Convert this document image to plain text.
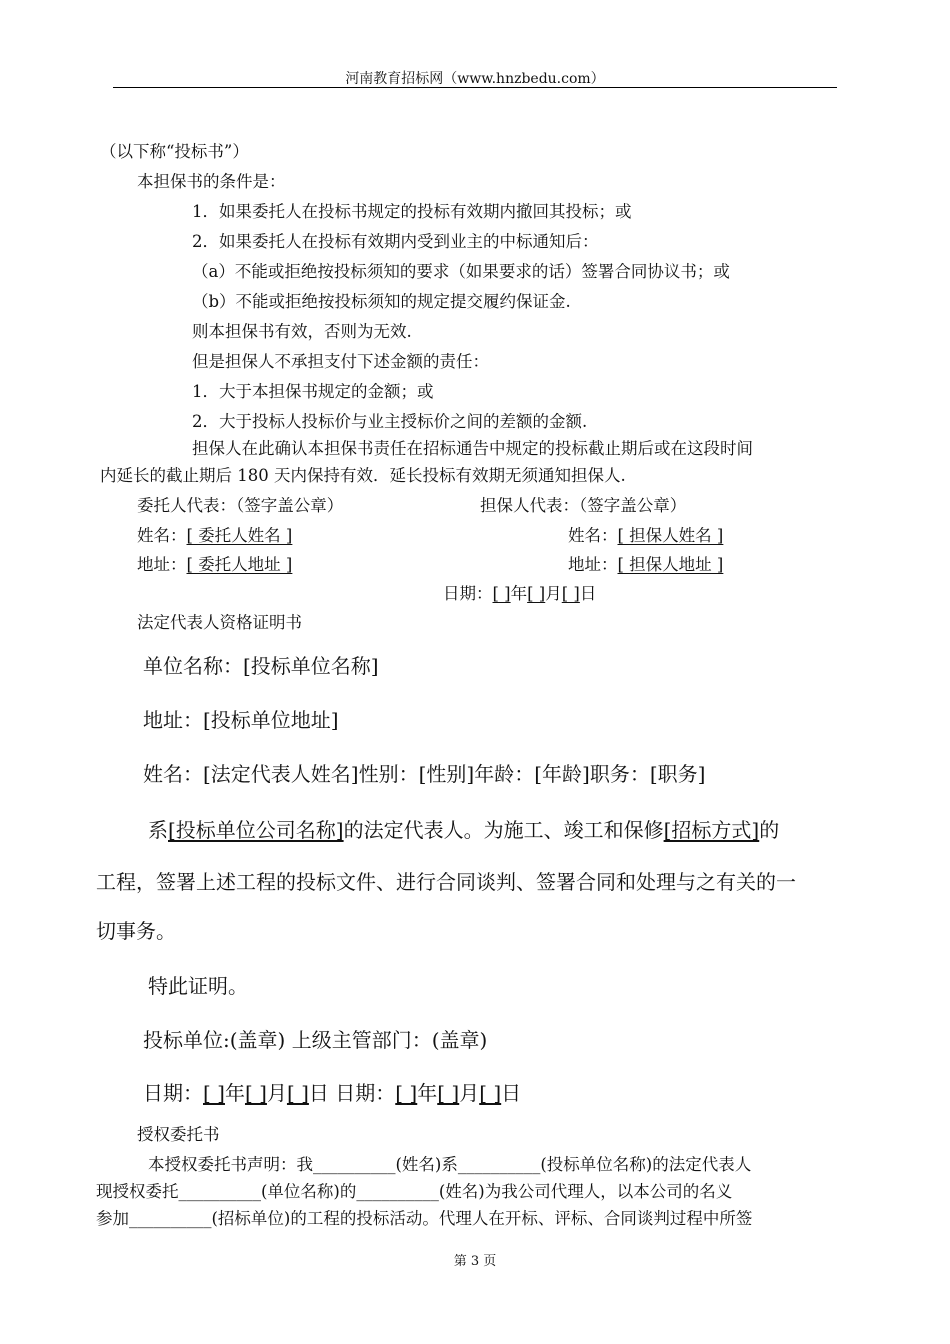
河南教育招标网（www.hnzbedu.com）
（以下称“投标书”）
本担保书的条件是：
1．如果委托人在投标书规定的投标有效期内撤回其投标；或
2．如果委托人在投标有效期内受到业主的中标通知后：
（a）不能或拒绝按投标须知的要求（如果要求的话）签署合同协议书；或
（b）不能或拒绝按投标须知的规定提交履约保证金.
则本担保书有效，否则为无效.
但是担保人不承担支付下述金额的责任：
1．大于本担保书规定的金额；或
2．大于投标人投标价与业主授标价之间的差额的金额.
担保人在此确认本担保书责任在招标通告中规定的投标截止期后或在这段时间
内延长的截止期后 180 天内保持有效．延长投标有效期无须通知担保人.
委托人代表：（签字盖公章）	担保人代表：（签字盖公章）
姓名：[ 委托人姓名 ]	姓名：[ 担保人姓名 ]
地址：[ 委托人地址 ]	地址：[ 担保人地址 ]
日期：[ ]年[ ]月[ ]日
法定代表人资格证明书
单位名称：[投标单位名称]
地址：[投标单位地址]
姓名：[法定代表人姓名]性别：[性别]年龄：[年龄]职务：[职务]
系[投标单位公司名称]的法定代表人。为施工、竣工和保修[招标方式]的
工程，签署上述工程的投标文件、进行合同谈判、签署合同和处理与之有关的一
切事务。
特此证明。
投标单位:(盖章) 上级主管部门：(盖章)
日期：[ ]年[ ]月[ ]日 日期：[ ]年[ ]月[ ]日
授权委托书
本授权委托书声明：我__________(姓名)系__________(投标单位名称)的法定代表人
现授权委托__________(单位名称)的__________(姓名)为我公司代理人，以本公司的名义
参加__________(招标单位)的工程的投标活动。代理人在开标、评标、合同谈判过程中所签
第 3 页
